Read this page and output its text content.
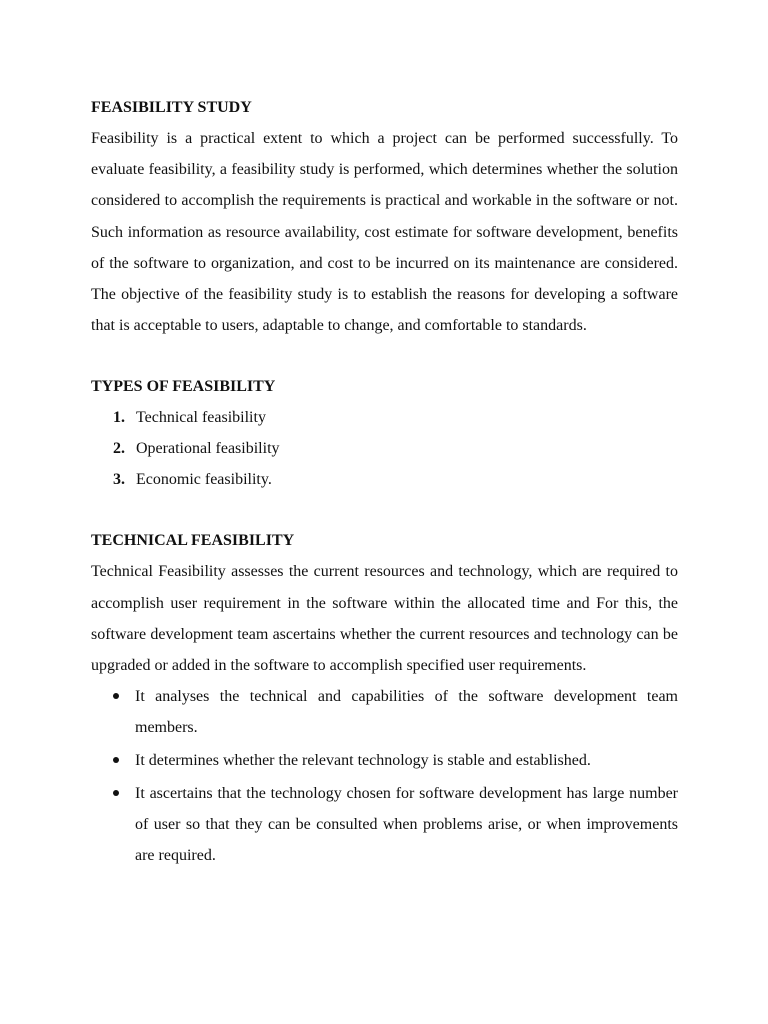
FEASIBILITY STUDY

Feasibility is a practical extent to which a project can be performed successfully. To evaluate feasibility, a feasibility study is performed, which determines whether the solution considered to accomplish the requirements is practical and workable in the software or not. Such information as resource availability, cost estimate for software development, benefits of the software to organization, and cost to be incurred on its maintenance are considered. The objective of the feasibility study is to establish the reasons for developing a software that is acceptable to users, adaptable to change, and comfortable to standards.

TYPES OF FEASIBILITY
1. Technical feasibility
2. Operational feasibility
3. Economic feasibility.
TECHNICAL FEASIBILITY

Technical Feasibility assesses the current resources and technology, which are required to accomplish user requirement in the software within the allocated time and For this, the software development team ascertains whether the current resources and technology can be upgraded or added in the software to accomplish specified user requirements.

It analyses the technical and capabilities of the software development team members.
It determines whether the relevant technology is stable and established.
It ascertains that the technology chosen for software development has large number of user so that they can be consulted when problems arise, or when improvements are required.
